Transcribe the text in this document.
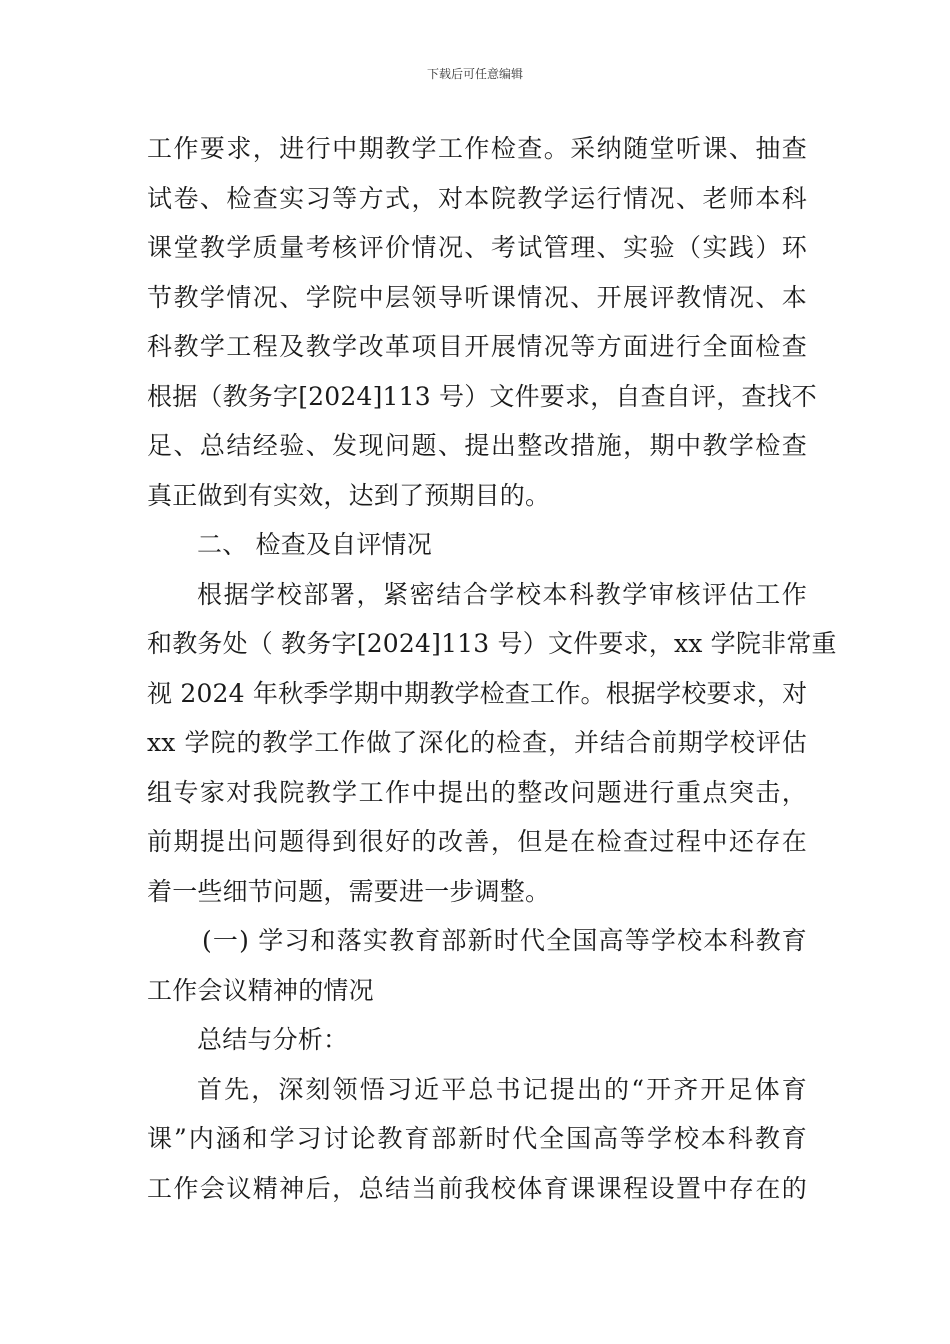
下载后可任意编辑
工作要求，进行中期教学工作检查。采纳随堂听课、抽查
试卷、检查实习等方式，对本院教学运行情况、老师本科
课堂教学质量考核评价情况、考试管理、实验（实践）环
节教学情况、学院中层领导听课情况、开展评教情况、本
科教学工程及教学改革项目开展情况等方面进行全面检查
根据（教务字[2024]113 号）文件要求，自查自评，查找不
足、总结经验、发现问题、提出整改措施，期中教学检查
真正做到有实效，达到了预期目的。
二、 检查及自评情况
根据学校部署，紧密结合学校本科教学审核评估工作
和教务处（ 教务字[2024]113 号）文件要求，xx 学院非常重
视 2024 年秋季学期中期教学检查工作。根据学校要求，对
xx 学院的教学工作做了深化的检查，并结合前期学校评估
组专家对我院教学工作中提出的整改问题进行重点突击，
前期提出问题得到很好的改善，但是在检查过程中还存在
着一些细节问题，需要进一步调整。
(一) 学习和落实教育部新时代全国高等学校本科教育
工作会议精神的情况
总结与分析：
首先，深刻领悟习近平总书记提出的“开齐开足体育
课”内涵和学习讨论教育部新时代全国高等学校本科教育
工作会议精神后，总结当前我校体育课课程设置中存在的
